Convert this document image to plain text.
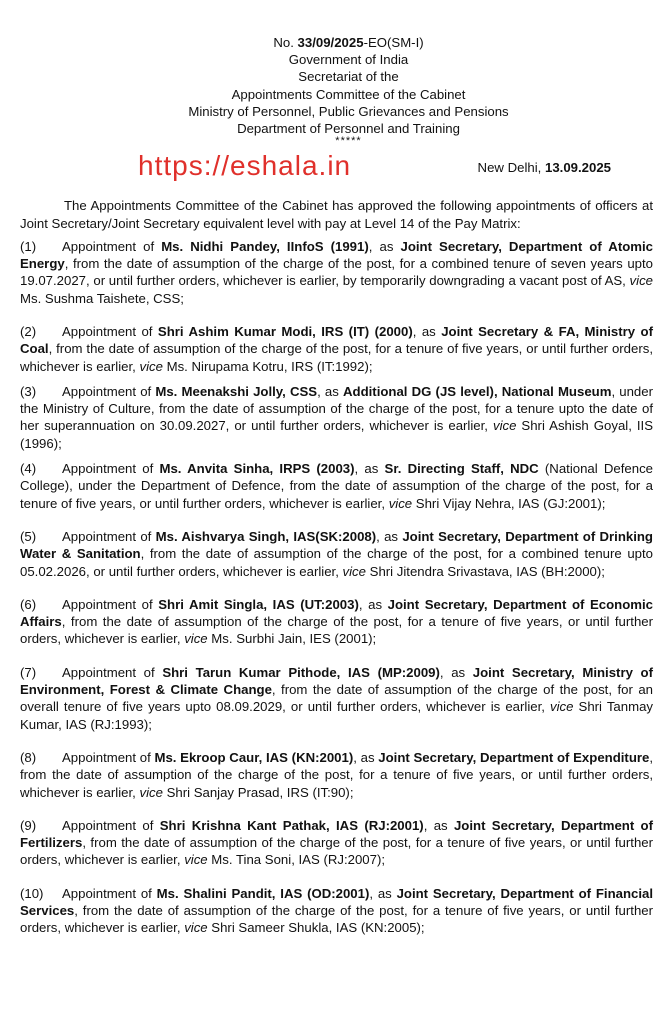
No. 33/09/2025-EO(SM-I)
Government of India
Secretariat of the
Appointments Committee of the Cabinet
Ministry of Personnel, Public Grievances and Pensions
Department of Personnel and Training
*****
https://eshala.in	New Delhi, 13.09.2025

The Appointments Committee of the Cabinet has approved the following appointments of officers at Joint Secretary/Joint Secretary equivalent level with pay at Level 14 of the Pay Matrix:

(1) Appointment of Ms. Nidhi Pandey, IInfoS (1991), as Joint Secretary, Department of Atomic Energy, from the date of assumption of the charge of the post, for a combined tenure of seven years upto 19.07.2027, or until further orders, whichever is earlier, by temporarily downgrading a vacant post of AS, vice Ms. Sushma Taishete, CSS;

(2) Appointment of Shri Ashim Kumar Modi, IRS (IT) (2000), as Joint Secretary & FA, Ministry of Coal, from the date of assumption of the charge of the post, for a tenure of five years, or until further orders, whichever is earlier, vice Ms. Nirupama Kotru, IRS (IT:1992);

(3) Appointment of Ms. Meenakshi Jolly, CSS, as Additional DG (JS level), National Museum, under the Ministry of Culture, from the date of assumption of the charge of the post, for a tenure upto the date of her superannuation on 30.09.2027, or until further orders, whichever is earlier, vice Shri Ashish Goyal, IIS (1996);

(4) Appointment of Ms. Anvita Sinha, IRPS (2003), as Sr. Directing Staff, NDC (National Defence College), under the Department of Defence, from the date of assumption of the charge of the post, for a tenure of five years, or until further orders, whichever is earlier, vice Shri Vijay Nehra, IAS (GJ:2001);

(5) Appointment of Ms. Aishvarya Singh, IAS(SK:2008), as Joint Secretary, Department of Drinking Water & Sanitation, from the date of assumption of the charge of the post, for a combined tenure upto 05.02.2026, or until further orders, whichever is earlier, vice Shri Jitendra Srivastava, IAS (BH:2000);

(6) Appointment of Shri Amit Singla, IAS (UT:2003), as Joint Secretary, Department of Economic Affairs, from the date of assumption of the charge of the post, for a tenure of five years, or until further orders, whichever is earlier, vice Ms. Surbhi Jain, IES (2001);

(7) Appointment of Shri Tarun Kumar Pithode, IAS (MP:2009), as Joint Secretary, Ministry of Environment, Forest & Climate Change, from the date of assumption of the charge of the post, for an overall tenure of five years upto 08.09.2029, or until further orders, whichever is earlier, vice Shri Tanmay Kumar, IAS (RJ:1993);

(8) Appointment of Ms. Ekroop Caur, IAS (KN:2001), as Joint Secretary, Department of Expenditure, from the date of assumption of the charge of the post, for a tenure of five years, or until further orders, whichever is earlier, vice Shri Sanjay Prasad, IRS (IT:90);

(9) Appointment of Shri Krishna Kant Pathak, IAS (RJ:2001), as Joint Secretary, Department of Fertilizers, from the date of assumption of the charge of the post, for a tenure of five years, or until further orders, whichever is earlier, vice Ms. Tina Soni, IAS (RJ:2007);

(10) Appointment of Ms. Shalini Pandit, IAS (OD:2001), as Joint Secretary, Department of Financial Services, from the date of assumption of the charge of the post, for a tenure of five years, or until further orders, whichever is earlier, vice Shri Sameer Shukla, IAS (KN:2005);
